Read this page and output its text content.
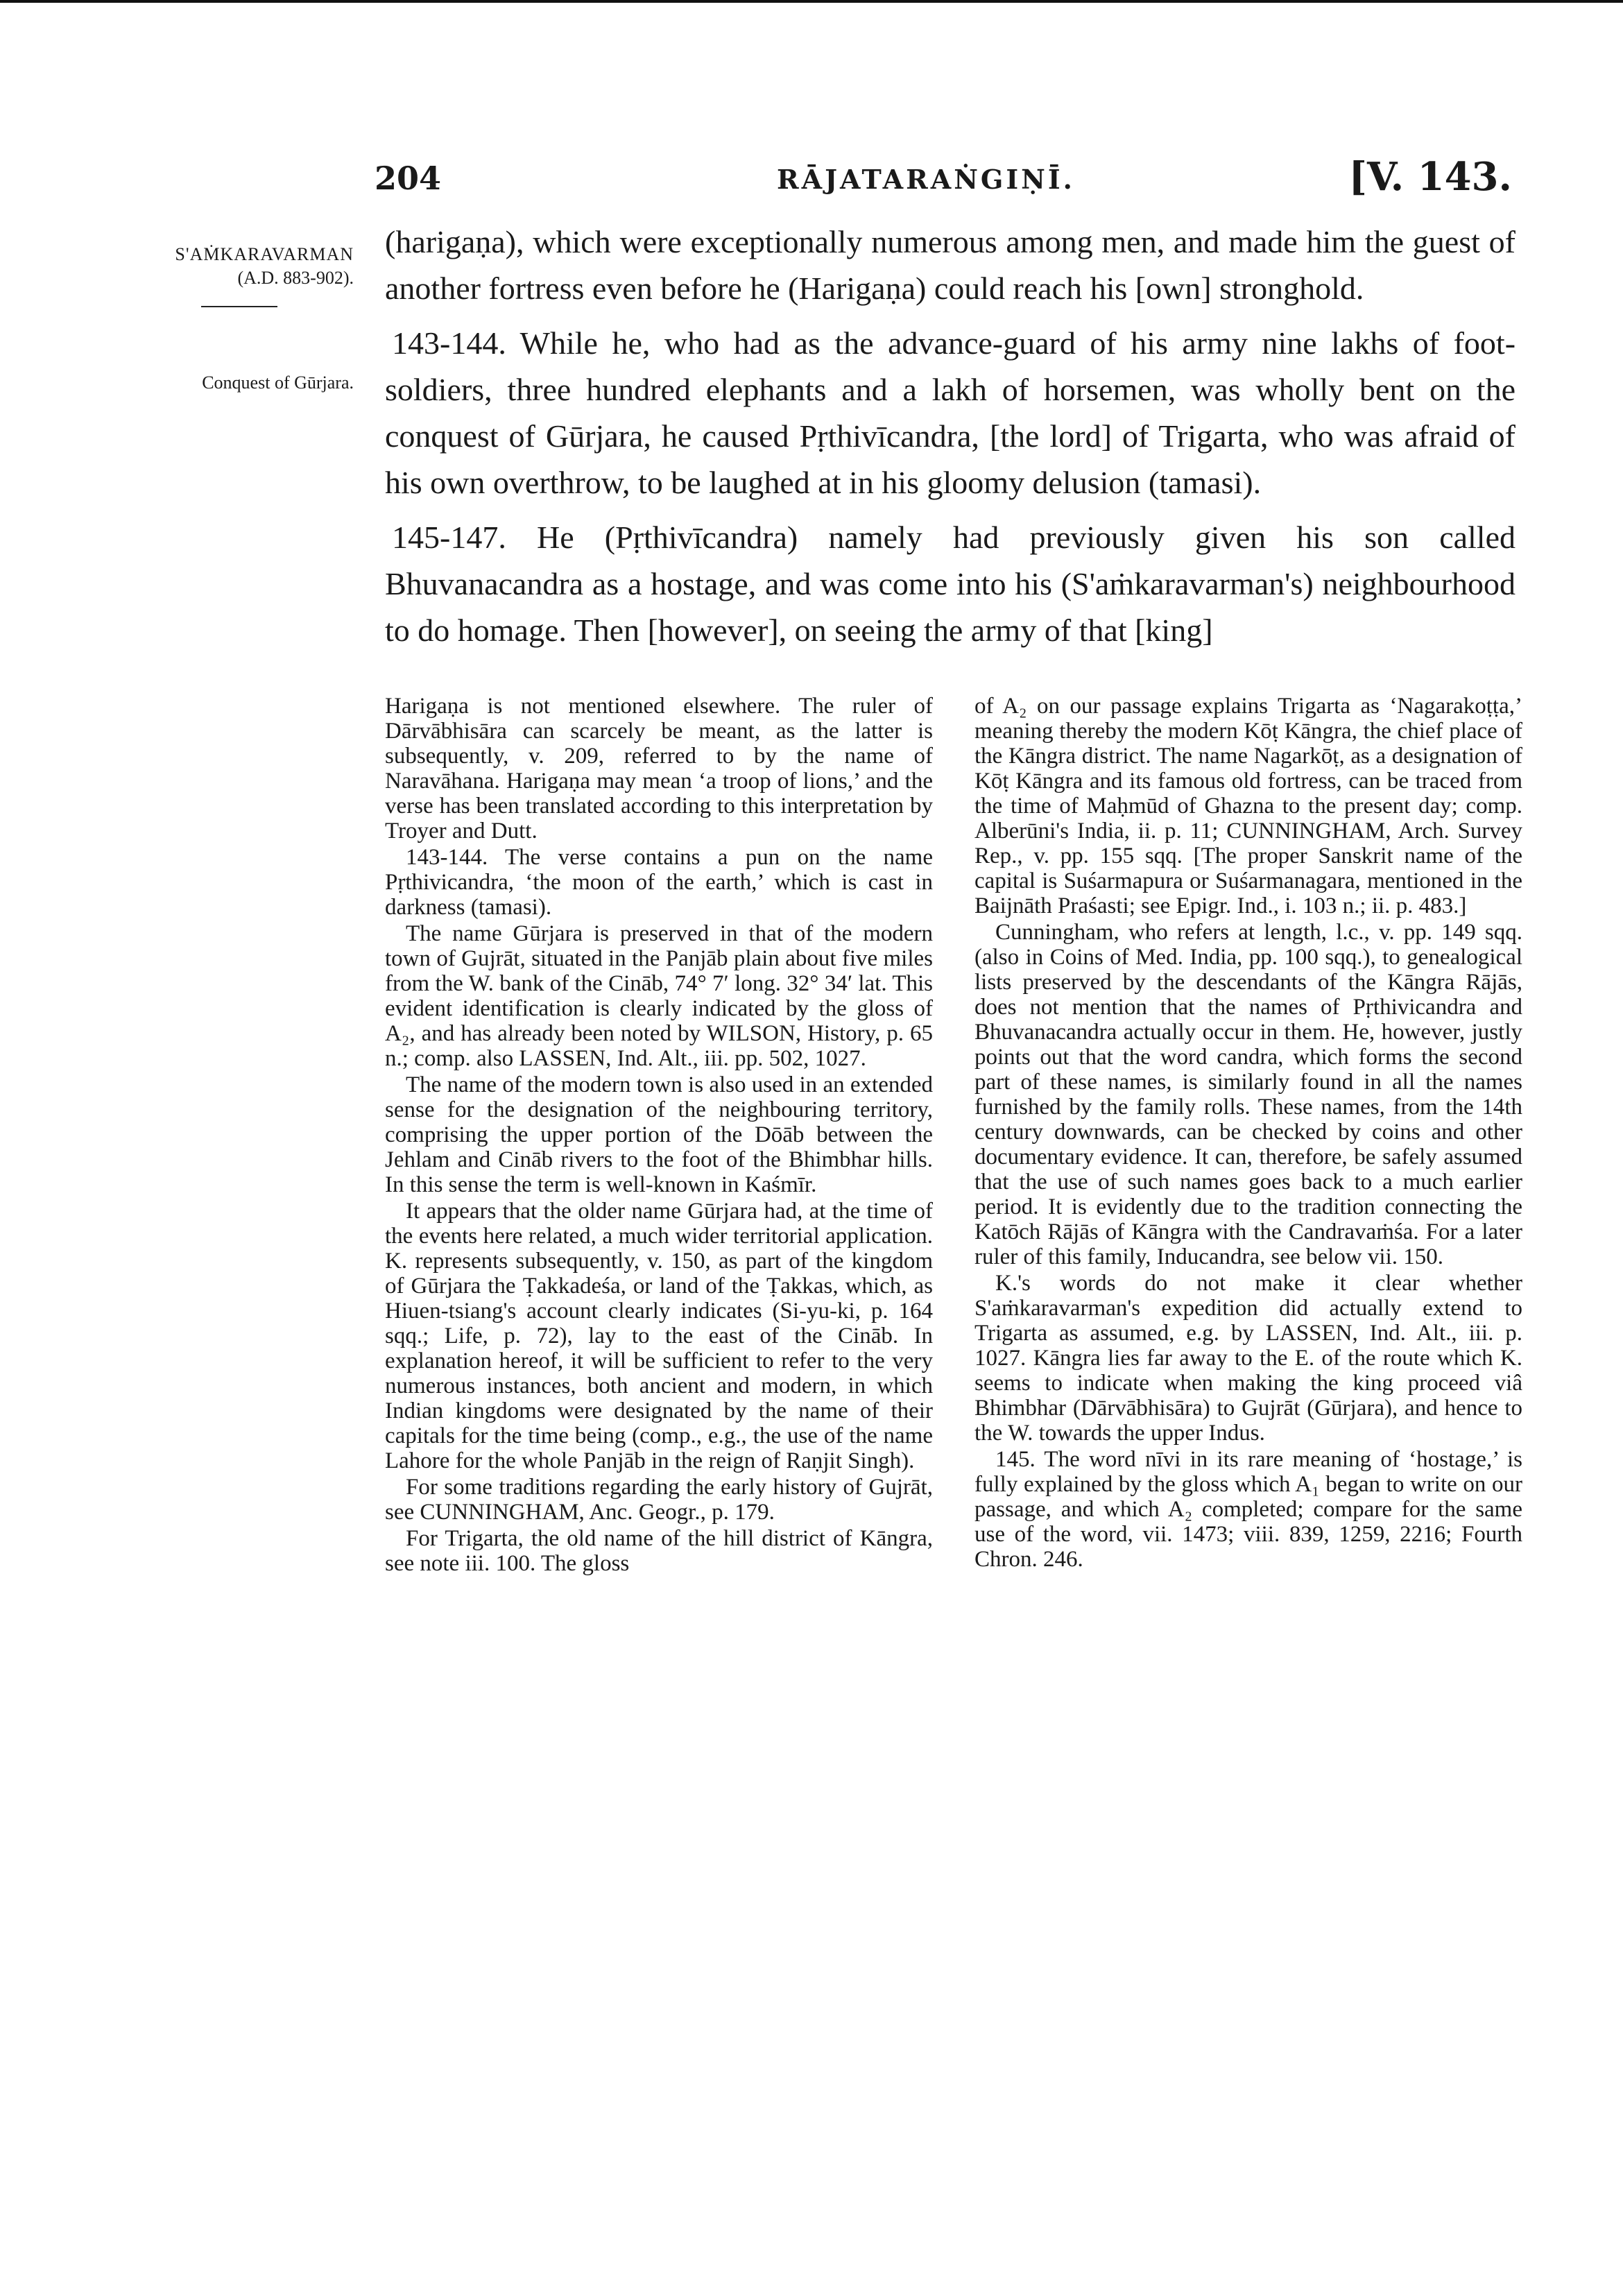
204	RĀJATARAṄGIṆĪ.	[V. 143.
S'AṀKARAVARMAN
(A.D. 883-902).
Conquest of Gūrjara.

(harigaṇa), which were exceptionally numerous among men, and made him the guest of another fortress even before he (Harigaṇa) could reach his [own] stronghold.

143-144. While he, who had as the advance-guard of his army nine lakhs of foot-soldiers, three hundred elephants and a lakh of horsemen, was wholly bent on the conquest of Gūrjara, he caused Pṛthivīcandra, [the lord] of Trigarta, who was afraid of his own overthrow, to be laughed at in his gloomy delusion (tamasi).

145-147. He (Pṛthivīcandra) namely had previously given his son called Bhuvanacandra as a hostage, and was come into his (S'aṁkaravarman's) neighbourhood to do homage. Then [however], on seeing the army of that [king]

Harigaṇa is not mentioned elsewhere. The ruler of Dārvābhisāra can scarcely be meant, as the latter is subsequently, v. 209, referred to by the name of Naravāhana. Harigaṇa may mean ‘a troop of lions,’ and the verse has been translated according to this interpretation by Troyer and Dutt.

143-144. The verse contains a pun on the name Pṛthivicandra, ‘the moon of the earth,’ which is cast in darkness (tamasi).

The name Gūrjara is preserved in that of the modern town of Gujrāt, situated in the Panjāb plain about five miles from the W. bank of the Cināb, 74° 7′ long. 32° 34′ lat. This evident identification is clearly indicated by the gloss of A₂, and has already been noted by WILSON, History, p. 65 n.; comp. also LASSEN, Ind. Alt., iii. pp. 502, 1027.

The name of the modern town is also used in an extended sense for the designation of the neighbouring territory, comprising the upper portion of the Dōāb between the Jehlam and Cināb rivers to the foot of the Bhimbhar hills. In this sense the term is well-known in Kaśmīr.

It appears that the older name Gūrjara had, at the time of the events here related, a much wider territorial application. K. represents subsequently, v. 150, as part of the kingdom of Gūrjara the Ṭakkadeśa, or land of the Ṭakkas, which, as Hiuen-tsiang's account clearly indicates (Si-yu-ki, p. 164 sqq.; Life, p. 72), lay to the east of the Cināb. In explanation hereof, it will be sufficient to refer to the very numerous instances, both ancient and modern, in which Indian kingdoms were designated by the name of their capitals for the time being (comp., e.g., the use of the name Lahore for the whole Panjāb in the reign of Raṇjit Singh).

For some traditions regarding the early history of Gujrāt, see CUNNINGHAM, Anc. Geogr., p. 179.

For Trigarta, the old name of the hill district of Kāngra, see note iii. 100. The gloss

of A₂ on our passage explains Trigarta as ‘Nagarakoṭṭa,’ meaning thereby the modern Kōṭ Kāngra, the chief place of the Kāngra district. The name Nagarkōṭ, as a designation of Kōṭ Kāngra and its famous old fortress, can be traced from the time of Maḥmūd of Ghazna to the present day; comp. Alberūni's India, ii. p. 11; CUNNINGHAM, Arch. Survey Rep., v. pp. 155 sqq. [The proper Sanskrit name of the capital is Suśarmapura or Suśarmanagara, mentioned in the Baijnāth Praśasti; see Epigr. Ind., i. 103 n.; ii. p. 483.]

Cunningham, who refers at length, l.c., v. pp. 149 sqq. (also in Coins of Med. India, pp. 100 sqq.), to genealogical lists preserved by the descendants of the Kāngra Rājās, does not mention that the names of Pṛthivicandra and Bhuvanacandra actually occur in them. He, however, justly points out that the word candra, which forms the second part of these names, is similarly found in all the names furnished by the family rolls. These names, from the 14th century downwards, can be checked by coins and other documentary evidence. It can, therefore, be safely assumed that the use of such names goes back to a much earlier period. It is evidently due to the tradition connecting the Katōch Rājās of Kāngra with the Candravaṁśa. For a later ruler of this family, Inducandra, see below vii. 150.

K.'s words do not make it clear whether S'aṁkaravarman's expedition did actually extend to Trigarta as assumed, e.g. by LASSEN, Ind. Alt., iii. p. 1027. Kāngra lies far away to the E. of the route which K. seems to indicate when making the king proceed viâ Bhimbhar (Dārvābhisāra) to Gujrāt (Gūrjara), and hence to the W. towards the upper Indus.

145. The word nīvi in its rare meaning of ‘hostage,’ is fully explained by the gloss which A₁ began to write on our passage, and which A₂ completed; compare for the same use of the word, vii. 1473; viii. 839, 1259, 2216; Fourth Chron. 246.
